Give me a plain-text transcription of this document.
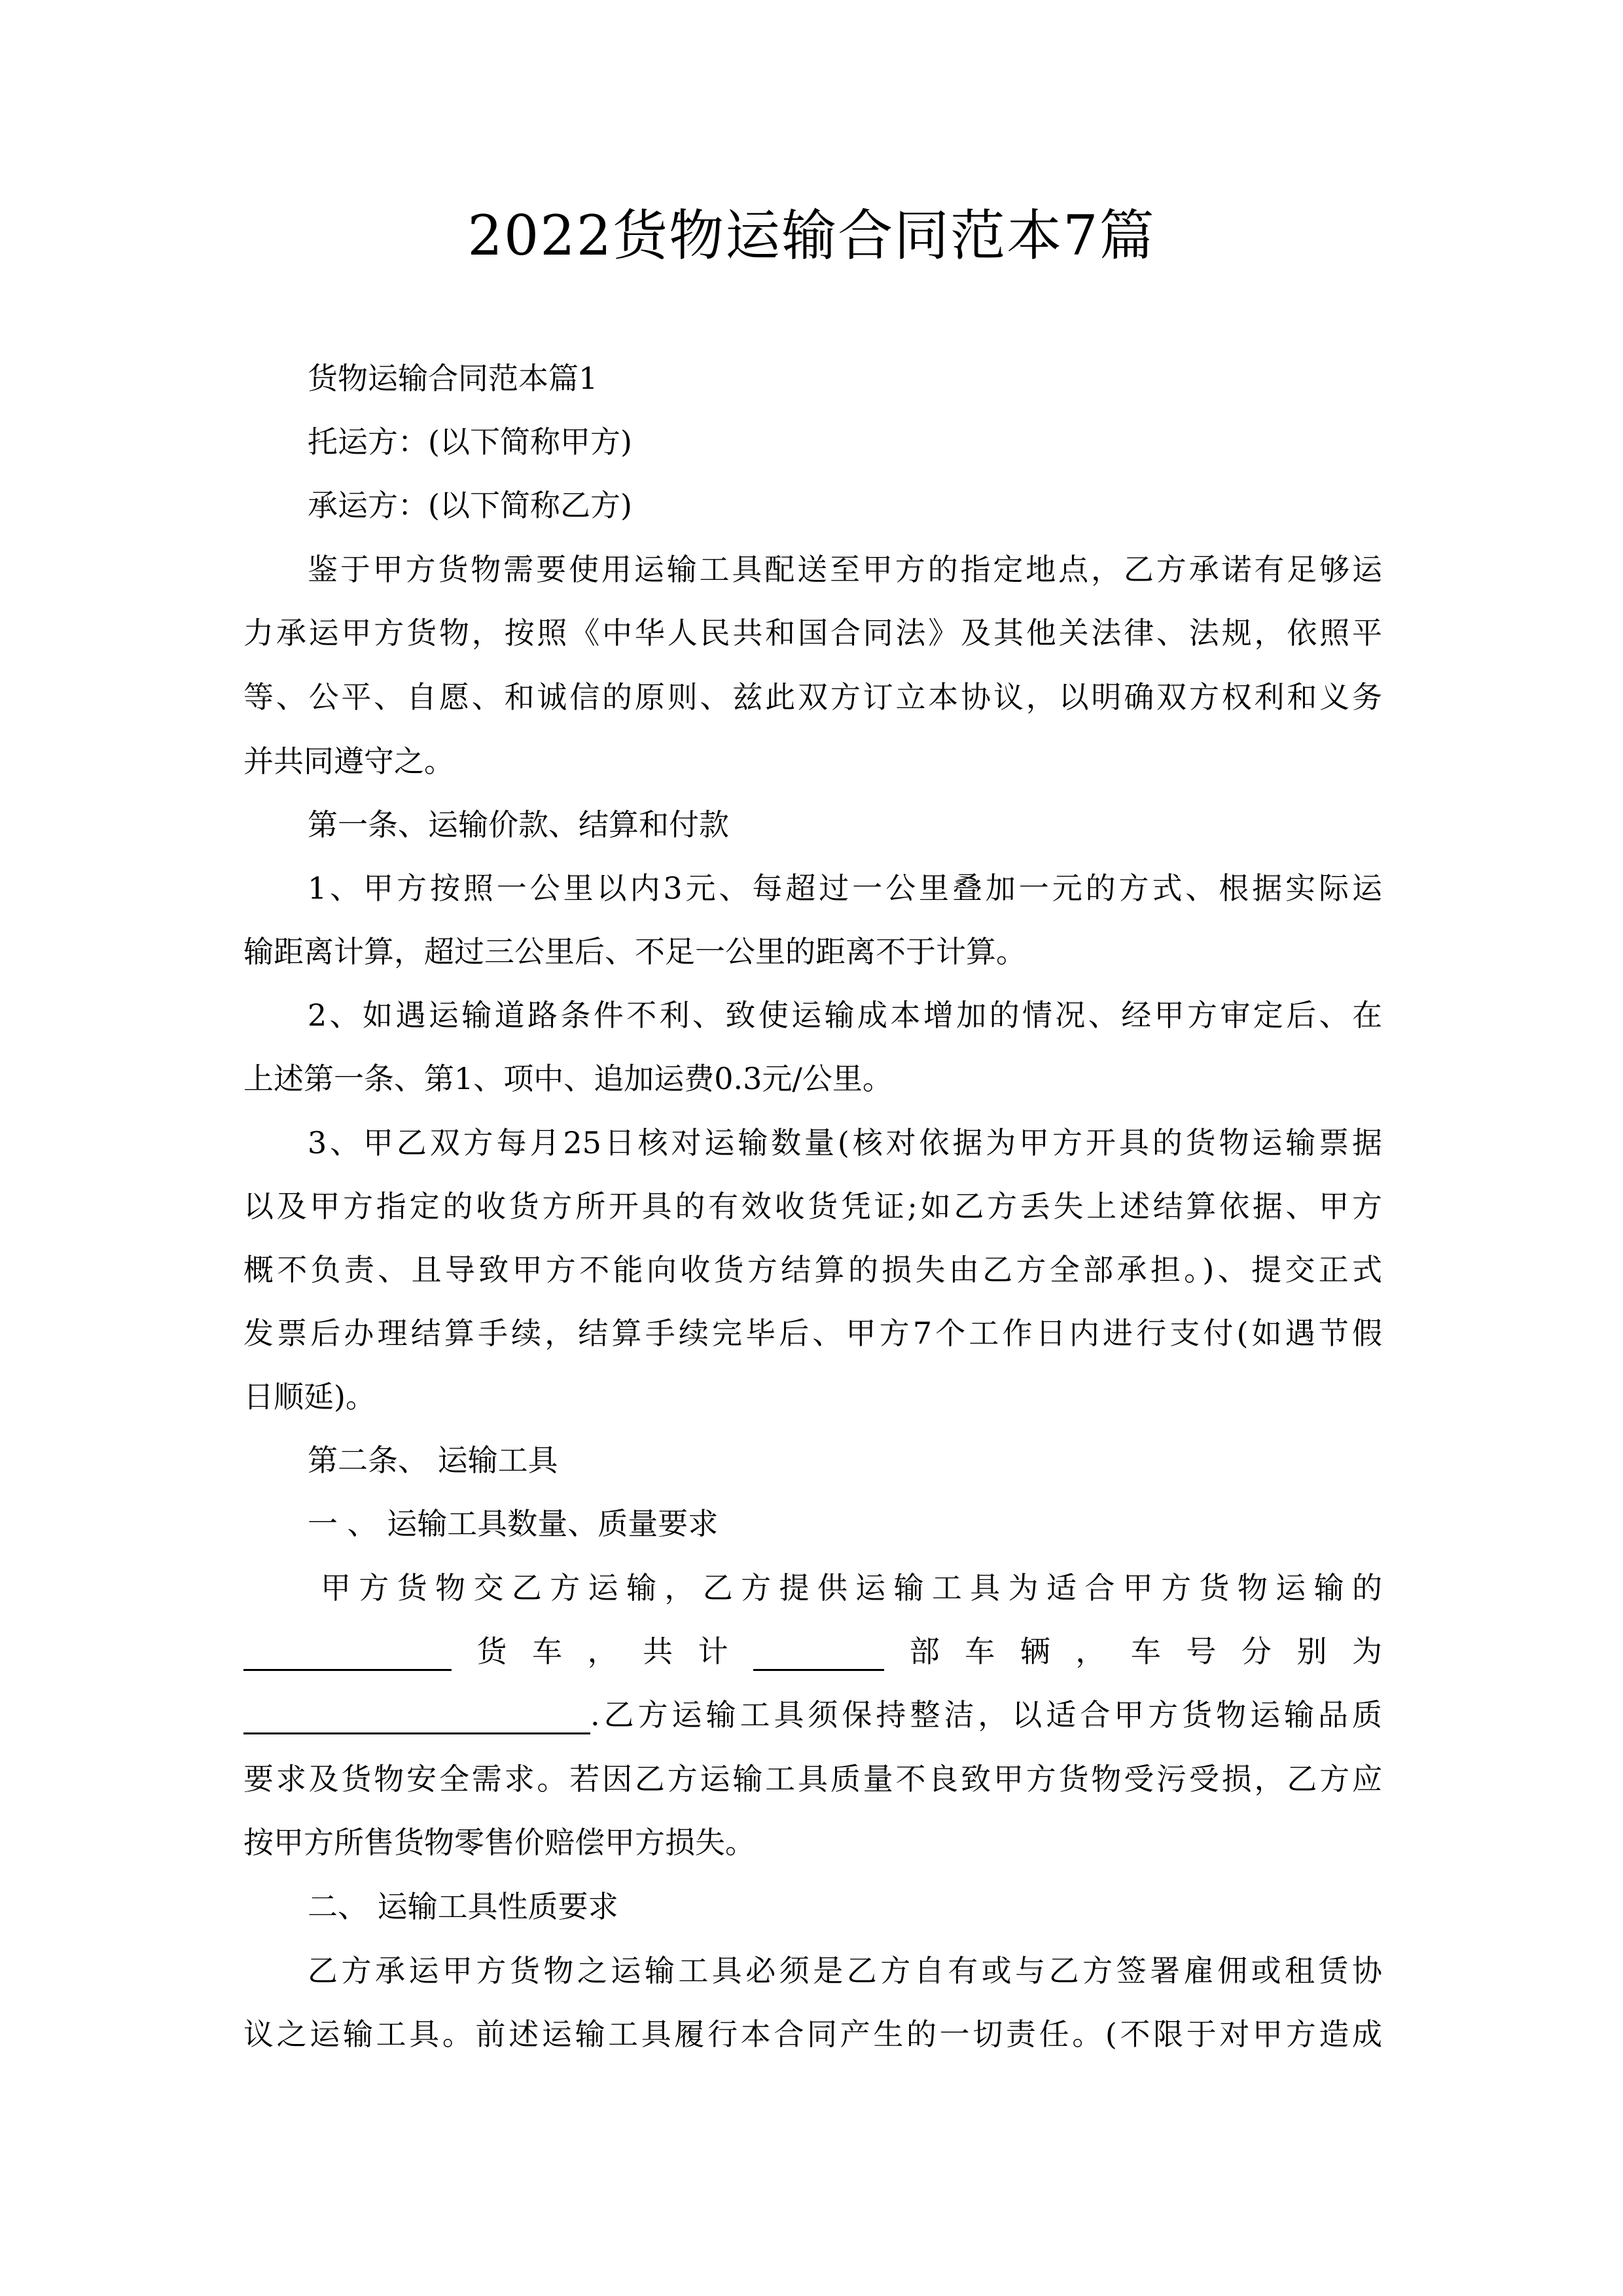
2022货物运输合同范本7篇
货物运输合同范本篇1
托运方：(以下简称甲方)
承运方：(以下简称乙方)
鉴于甲方货物需要使用运输工具配送至甲方的指定地点，乙方承诺有足够运
力承运甲方货物，按照《中华人民共和国合同法》及其他关法律、法规，依照平
等、公平、自愿、和诚信的原则、兹此双方订立本协议，以明确双方权利和义务
并共同遵守之。
第一条、运输价款、结算和付款
1、甲方按照一公里以内3元、每超过一公里叠加一元的方式、根据实际运
输距离计算，超过三公里后、不足一公里的距离不于计算。
2、如遇运输道路条件不利、致使运输成本增加的情况、经甲方审定后、在
上述第一条、第1、项中、追加运费0.3元/公里。
3、甲乙双方每月25日核对运输数量(核对依据为甲方开具的货物运输票据
以及甲方指定的收货方所开具的有效收货凭证;如乙方丢失上述结算依据、甲方
概不负责、且导致甲方不能向收货方结算的损失由乙方全部承担。)、提交正式
发票后办理结算手续，结算手续完毕后、甲方7个工作日内进行支付(如遇节假
日顺延)。
第二条、 运输工具
一 、 运输工具数量、质量要求
甲方货物交乙方运输，乙方提供运输工具为适合甲方货物运输的
货 车 ， 共 计	部 车 辆 ， 车 号 分 别 为
.乙方运输工具须保持整洁，以适合甲方货物运输品质
要求及货物安全需求。若因乙方运输工具质量不良致甲方货物受污受损，乙方应
按甲方所售货物零售价赔偿甲方损失。
二、 运输工具性质要求
乙方承运甲方货物之运输工具必须是乙方自有或与乙方签署雇佣或租赁协
议之运输工具。前述运输工具履行本合同产生的一切责任。(不限于对甲方造成
